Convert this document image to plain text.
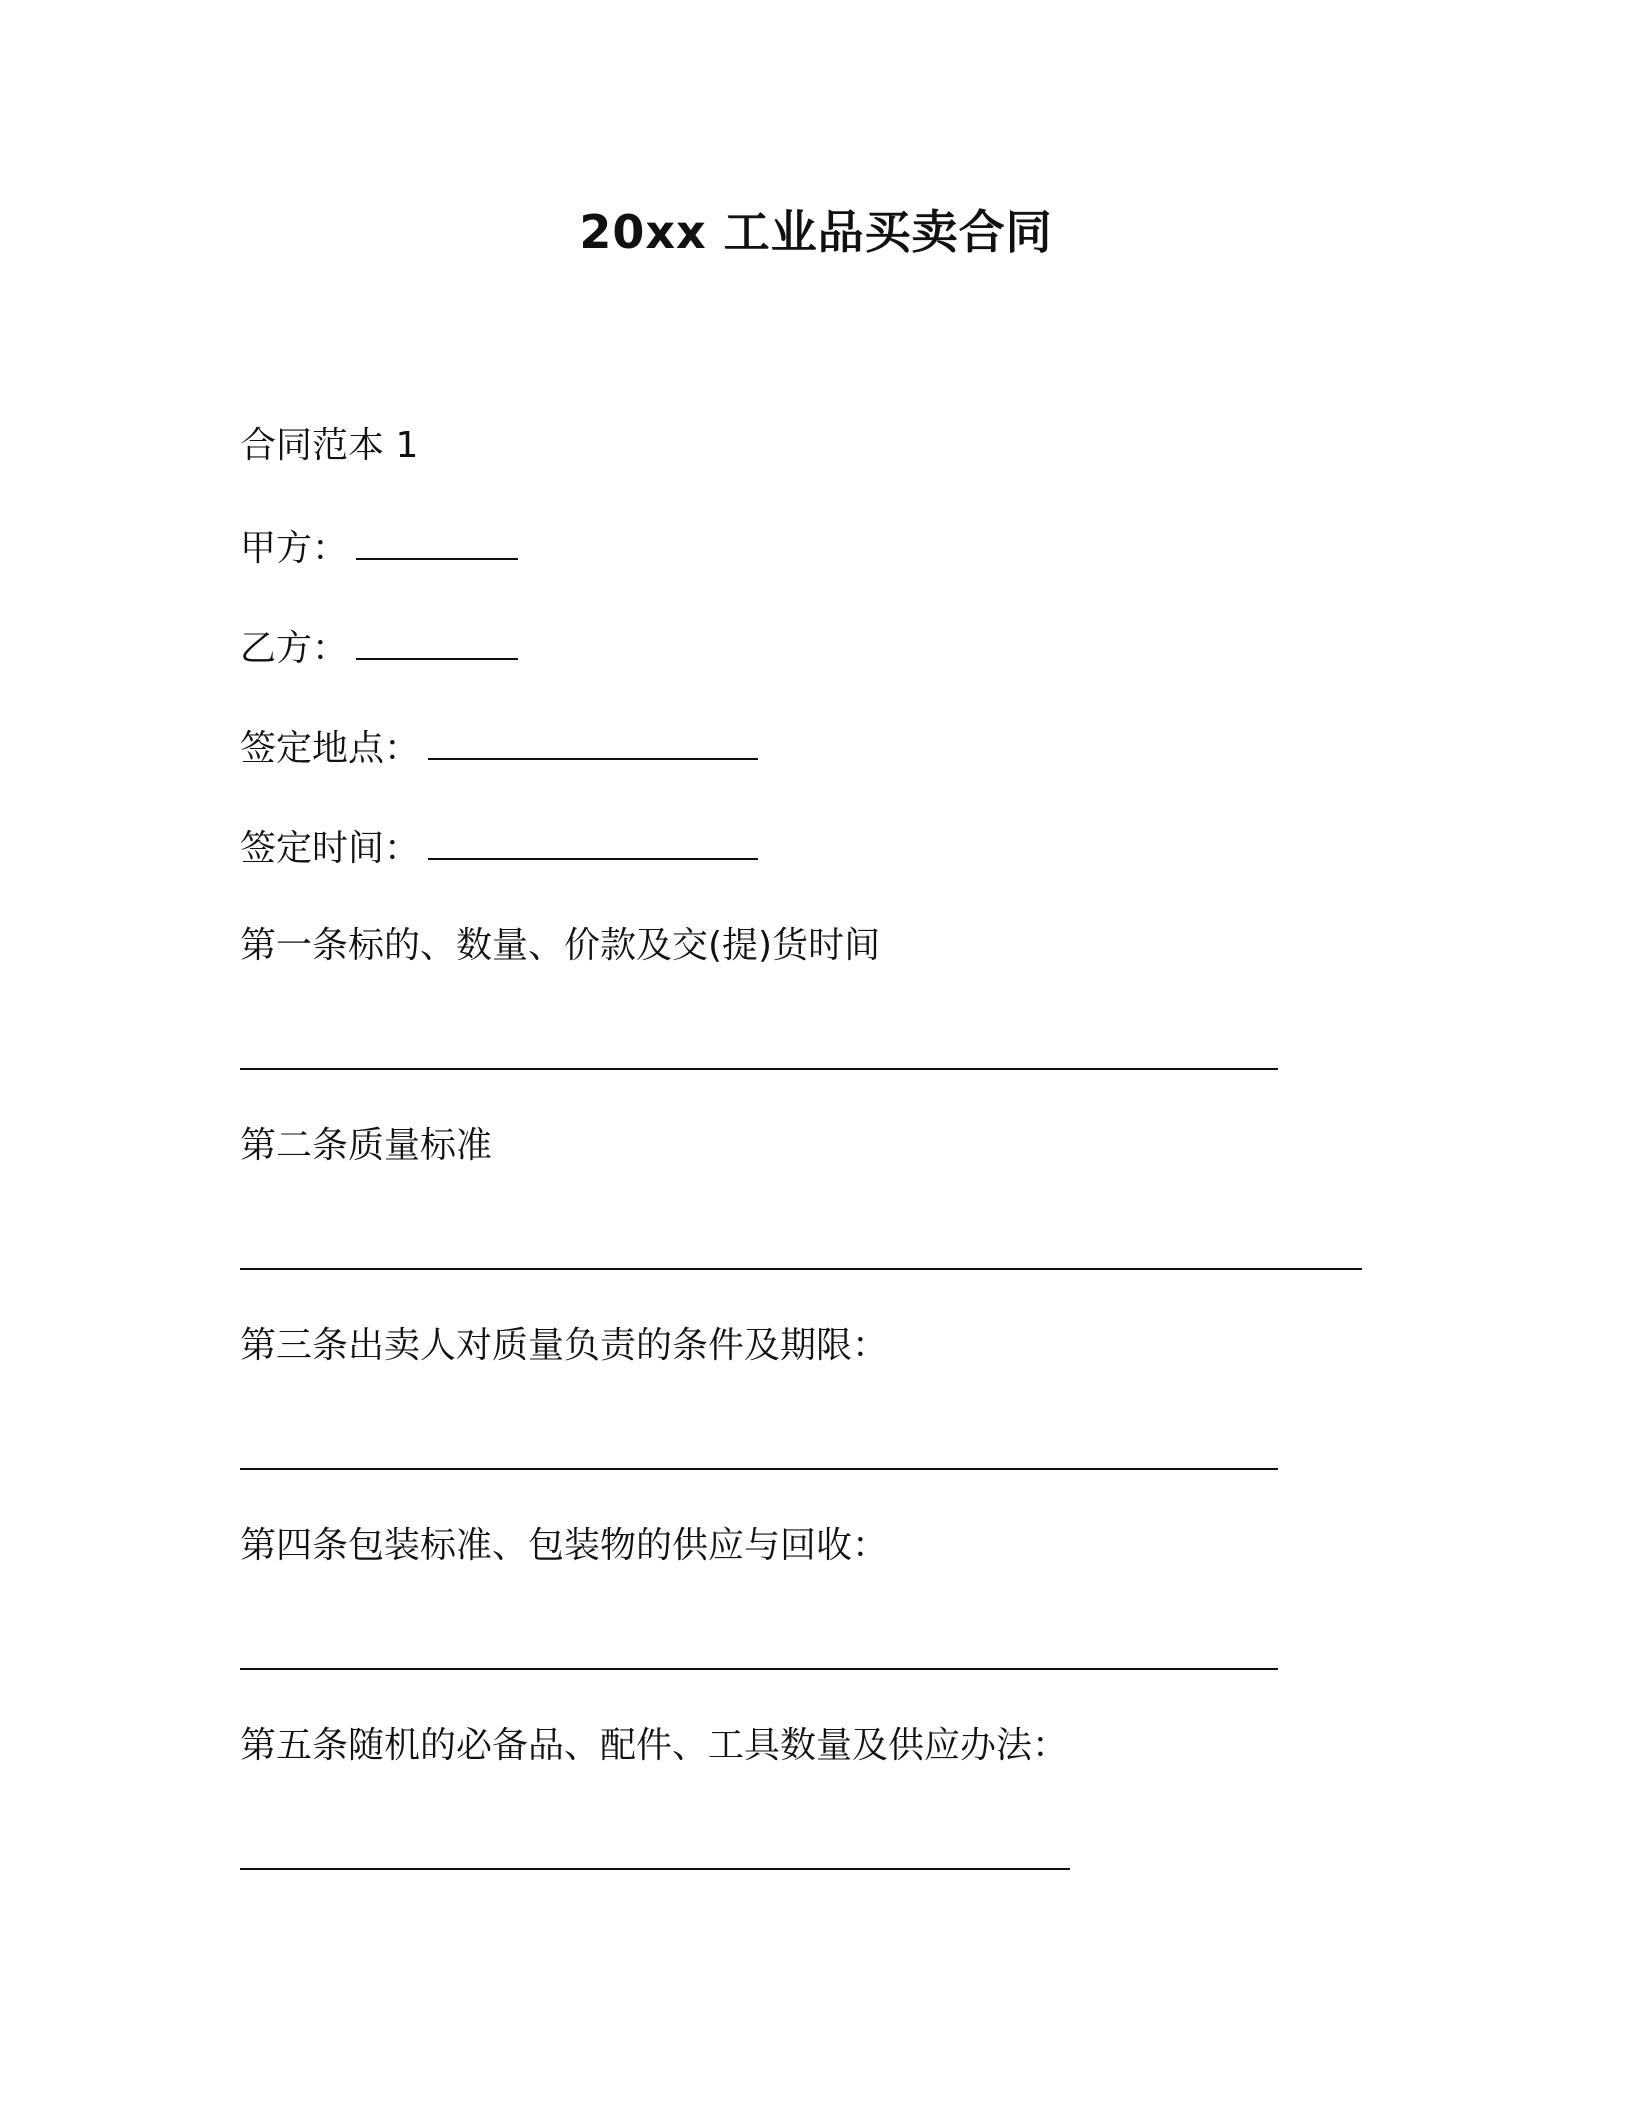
20xx 工业品买卖合同
合同范本 1
甲方：
乙方：
签定地点：
签定时间：
第一条标的、数量、价款及交(提)货时间
第二条质量标准
第三条出卖人对质量负责的条件及期限：
第四条包装标准、包装物的供应与回收：
第五条随机的必备品、配件、工具数量及供应办法：
